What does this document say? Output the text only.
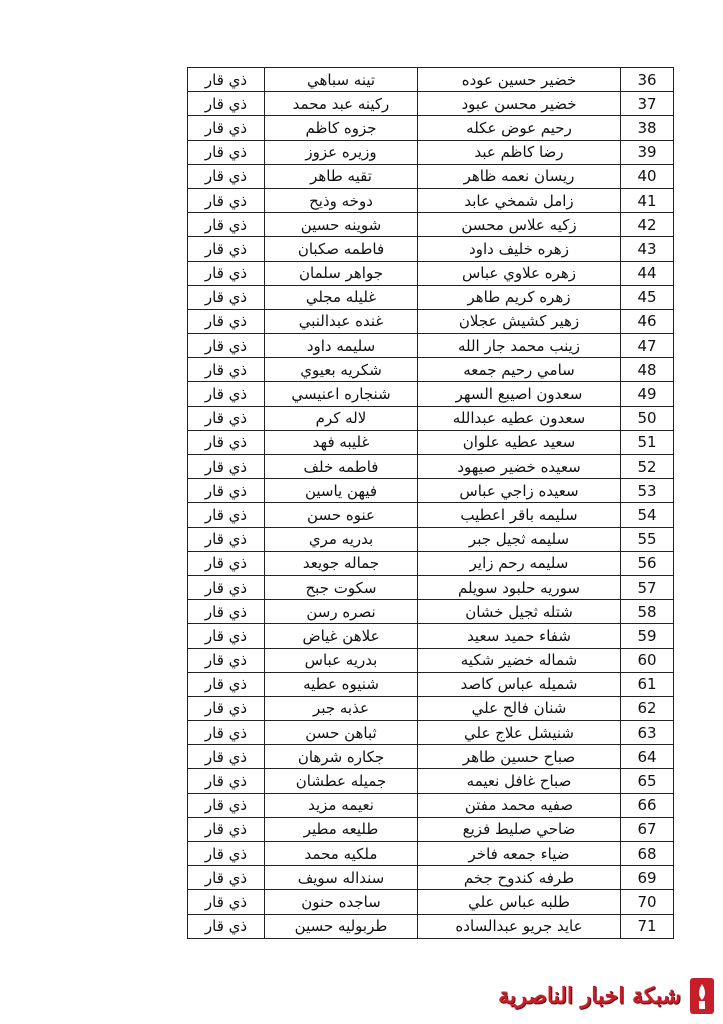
ذي قار	تينه سباهي	خضير حسين عوده	36
ذي قار	ركينه عبد محمد	خضير محسن عبود	37
ذي قار	جزوه كاظم	رحيم عوض عكله	38
ذي قار	وزيره عزوز	رضا كاظم عبد	39
ذي قار	تقيه طاهر	ريسان نعمه ظاهر	40
ذي قار	دوخه وذيح	زامل شمخي عابد	41
ذي قار	شوينه حسين	زكيه علاس محسن	42
ذي قار	فاطمه صكبان	زهره خليف داود	43
ذي قار	جواهر سلمان	زهره علاوي عباس	44
ذي قار	غليله مجلي	زهره كريم طاهر	45
ذي قار	غنده عبدالنبي	زهير كشيش عجلان	46
ذي قار	سليمه داود	زينب محمد جار الله	47
ذي قار	شكريه بعيوي	سامي رحيم جمعه	48
ذي قار	شنجاره اعنيسي	سعدون اصيبع السهر	49
ذي قار	لاله كرم	سعدون عطيه عبدالله	50
ذي قار	غليبه فهد	سعيد عطيه علوان	51
ذي قار	فاطمه خلف	سعيده خضير صيهود	52
ذي قار	فيهن ياسين	سعيده زاجي عباس	53
ذي قار	عنوه حسن	سليمه باقر اعطيب	54
ذي قار	بدريه مري	سليمه ثجيل جبر	55
ذي قار	جماله جويعد	سليمه رحم زاير	56
ذي قار	سكوت جبح	سوريه حلبود سويلم	57
ذي قار	نصره رسن	شتله ثجيل خشان	58
ذي قار	علاهن غياض	شفاء حميد سعيد	59
ذي قار	بدريه عباس	شماله خضير شكيه	60
ذي قار	شنيوه عطيه	شميله عباس كاصد	61
ذي قار	عذبه جبر	شنان فالح علي	62
ذي قار	ثباهن حسن	شنيشل علاج علي	63
ذي قار	جكاره شرهان	صباح حسين طاهر	64
ذي قار	جميله عطشان	صباح غافل نعيمه	65
ذي قار	نعيمه مزيد	صفيه محمد مفتن	66
ذي قار	طليعه مطير	ضاحي صليط فزيع	67
ذي قار	ملكيه محمد	ضياء جمعه فاخر	68
ذي قار	سنداله سويف	طرفه كندوح جخم	69
ذي قار	ساجده حنون	طلبه عباس علي	70
ذي قار	طربوليه حسين	عايد جريو عبدالساده	71
شبكة اخبار الناصرية
